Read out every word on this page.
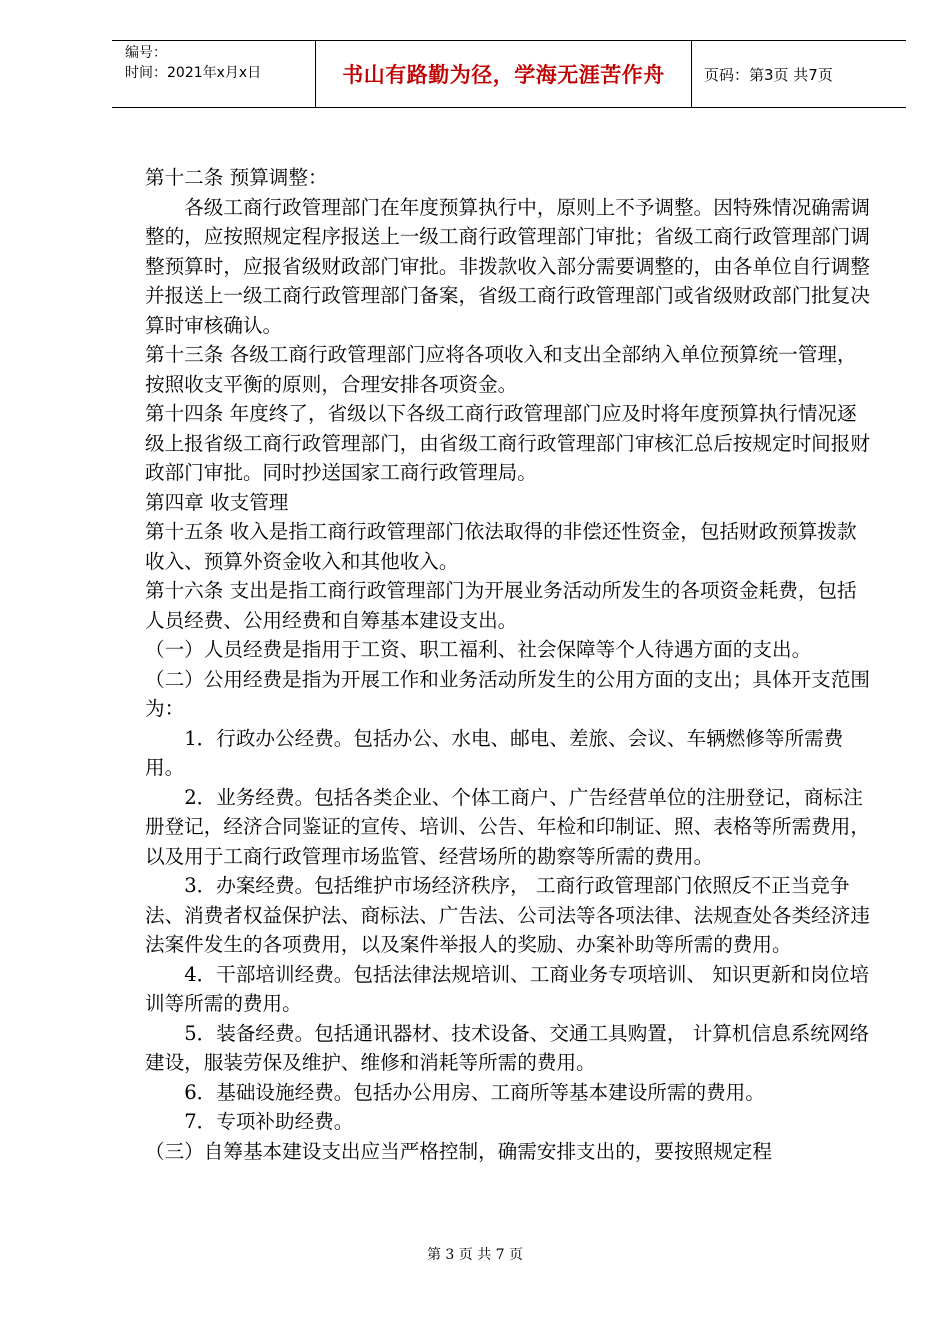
编号：
时间：2021年x月x日	书山有路勤为径，学海无涯苦作舟	页码：第3页 共7页

第十二条 预算调整：

各级工商行政管理部门在年度预算执行中，原则上不予调整。因特殊情况确需调整的，应按照规定程序报送上一级工商行政管理部门审批；省级工商行政管理部门调整预算时，应报省级财政部门审批。非拨款收入部分需要调整的，由各单位自行调整并报送上一级工商行政管理部门备案，省级工商行政管理部门或省级财政部门批复决算时审核确认。

第十三条 各级工商行政管理部门应将各项收入和支出全部纳入单位预算统一管理，按照收支平衡的原则，合理安排各项资金。

第十四条 年度终了，省级以下各级工商行政管理部门应及时将年度预算执行情况逐级上报省级工商行政管理部门，由省级工商行政管理部门审核汇总后按规定时间报财政部门审批。同时抄送国家工商行政管理局。

第四章 收支管理

第十五条 收入是指工商行政管理部门依法取得的非偿还性资金，包括财政预算拨款收入、预算外资金收入和其他收入。

第十六条 支出是指工商行政管理部门为开展业务活动所发生的各项资金耗费，包括人员经费、公用经费和自筹基本建设支出。

（一）人员经费是指用于工资、职工福利、社会保障等个人待遇方面的支出。

（二）公用经费是指为开展工作和业务活动所发生的公用方面的支出；具体开支范围为：

1．行政办公经费。包括办公、水电、邮电、差旅、会议、车辆燃修等所需费用。

2．业务经费。包括各类企业、个体工商户、广告经营单位的注册登记，商标注册登记，经济合同鉴证的宣传、培训、公告、年检和印制证、照、表格等所需费用，以及用于工商行政管理市场监管、经营场所的勘察等所需的费用。

3．办案经费。包括维护市场经济秩序， 工商行政管理部门依照反不正当竞争法、消费者权益保护法、商标法、广告法、公司法等各项法律、法规查处各类经济违法案件发生的各项费用，以及案件举报人的奖励、办案补助等所需的费用。

4．干部培训经费。包括法律法规培训、工商业务专项培训、 知识更新和岗位培训等所需的费用。

5．装备经费。包括通讯器材、技术设备、交通工具购置， 计算机信息系统网络建设，服装劳保及维护、维修和消耗等所需的费用。

6．基础设施经费。包括办公用房、工商所等基本建设所需的费用。

7．专项补助经费。

（三）自筹基本建设支出应当严格控制，确需安排支出的，要按照规定程

第 3 页 共 7 页
